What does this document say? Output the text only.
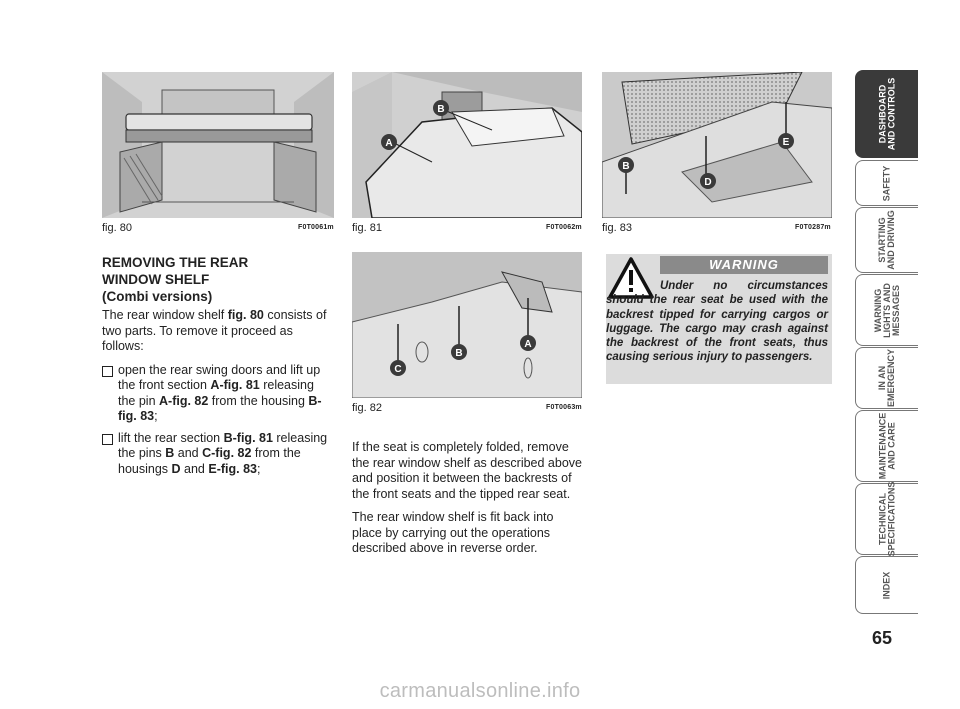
fig. 80	F0T0061m
A
B
fig. 81	F0T0062m
C
B
A
fig. 82	F0T0063m
B
D
E
fig. 83	F0T0287m
REMOVING THE REAR
WINDOW SHELF
(Combi versions)

The rear window shelf fig. 80 consists of two parts. To remove it proceed as follows:

open the rear swing doors and lift up the front section A-fig. 81 releasing the pin A-fig. 82 from the housing B-fig. 83;
lift the rear section B-fig. 81 releasing the pins B and C-fig. 82 from the housings D and E-fig. 83;

If the seat is completely folded, remove the rear window shelf as described above and position it between the backrests of the front seats and the tipped rear seat.

The rear window shelf is fit back into place by carrying out the operations described above in reverse order.

WARNING
Under no circumstances should the rear seat be used with the backrest tipped for carrying cargos or luggage. The cargo may crash against the backrest of the front seats, thus causing serious injury to passengers.
DASHBOARD
AND CONTROLS
SAFETY
STARTING
AND DRIVING
WARNING
LIGHTS AND
MESSAGES
IN AN
EMERGENCY
MAINTENANCE
AND CARE
TECHNICAL
SPECIFICATIONS
INDEX
65
carmanualsonline.info
